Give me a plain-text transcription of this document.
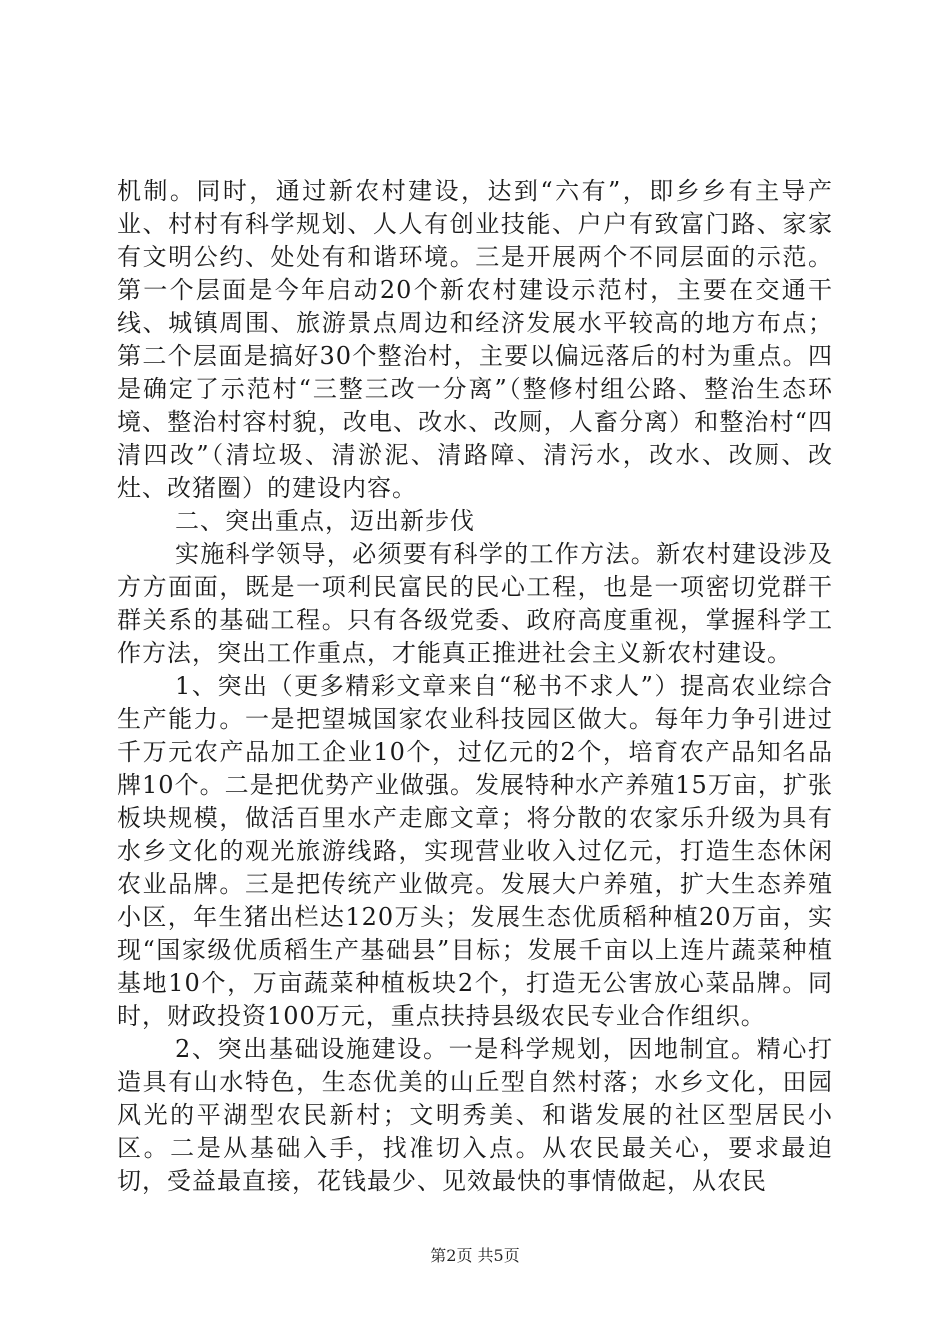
机制。同时，通过新农村建设，达到“六有”，即乡乡有主导产业、村村有科学规划、人人有创业技能、户户有致富门路、家家有文明公约、处处有和谐环境。三是开展两个不同层面的示范。第一个层面是今年启动20个新农村建设示范村，主要在交通干线、城镇周围、旅游景点周边和经济发展水平较高的地方布点；第二个层面是搞好30个整治村，主要以偏远落后的村为重点。四是确定了示范村“三整三改一分离”（整修村组公路、整治生态环境、整治村容村貌，改电、改水、改厕，人畜分离）和整治村“四清四改”（清垃圾、清淤泥、清路障、清污水，改水、改厕、改灶、改猪圈）的建设内容。

二、突出重点，迈出新步伐

实施科学领导，必须要有科学的工作方法。新农村建设涉及方方面面，既是一项利民富民的民心工程，也是一项密切党群干群关系的基础工程。只有各级党委、政府高度重视，掌握科学工作方法，突出工作重点，才能真正推进社会主义新农村建设。

1、突出（更多精彩文章来自“秘书不求人”）提高农业综合生产能力。一是把望城国家农业科技园区做大。每年力争引进过千万元农产品加工企业10个，过亿元的2个，培育农产品知名品牌10个。二是把优势产业做强。发展特种水产养殖15万亩，扩张板块规模，做活百里水产走廊文章；将分散的农家乐升级为具有水乡文化的观光旅游线路，实现营业收入过亿元，打造生态休闲农业品牌。三是把传统产业做亮。发展大户养殖，扩大生态养殖小区，年生猪出栏达120万头；发展生态优质稻种植20万亩，实现“国家级优质稻生产基础县”目标；发展千亩以上连片蔬菜种植基地10个，万亩蔬菜种植板块2个，打造无公害放心菜品牌。同时，财政投资100万元，重点扶持县级农民专业合作组织。

2、突出基础设施建设。一是科学规划，因地制宜。精心打造具有山水特色，生态优美的山丘型自然村落；水乡文化，田园风光的平湖型农民新村；文明秀美、和谐发展的社区型居民小区。二是从基础入手，找准切入点。从农民最关心，要求最迫切，受益最直接，花钱最少、见效最快的事情做起，从农民

第2页 共5页
